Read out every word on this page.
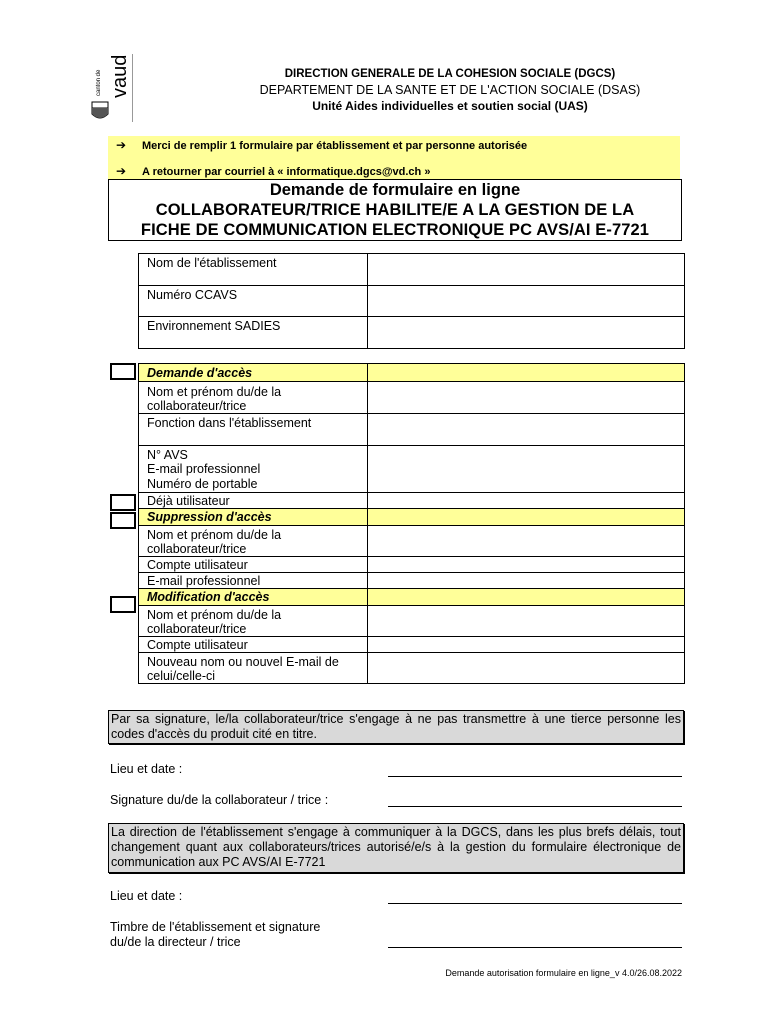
canton de vaud	DIRECTION GENERALE DE LA COHESION SOCIALE (DGCS)
DEPARTEMENT DE LA SANTE ET DE L'ACTION SOCIALE (DSAS)
Unité Aides individuelles et soutien social (UAS)
➔ Merci de remplir 1 formulaire par établissement et par personne autorisée
➔ A retourner par courriel à « informatique.dgcs@vd.ch »
Demande de formulaire en ligne
COLLABORATEUR/TRICE HABILITE/E A LA GESTION DE LA
FICHE DE COMMUNICATION ELECTRONIQUE PC AVS/AI E-7721
Nom de l'établissement	
Numéro CCAVS	
Environnement SADIES	
Demande d'accès	
Nom et prénom du/de la collaborateur/trice	
Fonction dans l'établissement	
N° AVS	
E-mail professionnel	
Numéro de portable	
Déjà utilisateur	
Suppression d'accès	
Nom et prénom du/de la collaborateur/trice	
Compte utilisateur	
E-mail professionnel	
Modification d'accès	
Nom et prénom du/de la collaborateur/trice	
Compte utilisateur	
Nouveau nom ou nouvel E-mail de celui/celle-ci	
Par sa signature, le/la collaborateur/trice s'engage à ne pas transmettre à une tierce personne les codes d'accès du produit cité en titre.
Lieu et date :
Signature du/de la collaborateur / trice :
La direction de l'établissement s'engage à communiquer à la DGCS, dans les plus brefs délais, tout changement quant aux collaborateurs/trices autorisé/e/s à la gestion du formulaire électronique de communication aux PC AVS/AI E-7721
Lieu et date :
Timbre de l'établissement et signature
du/de la directeur / trice
Demande autorisation formulaire en ligne_v 4.0/26.08.2022
